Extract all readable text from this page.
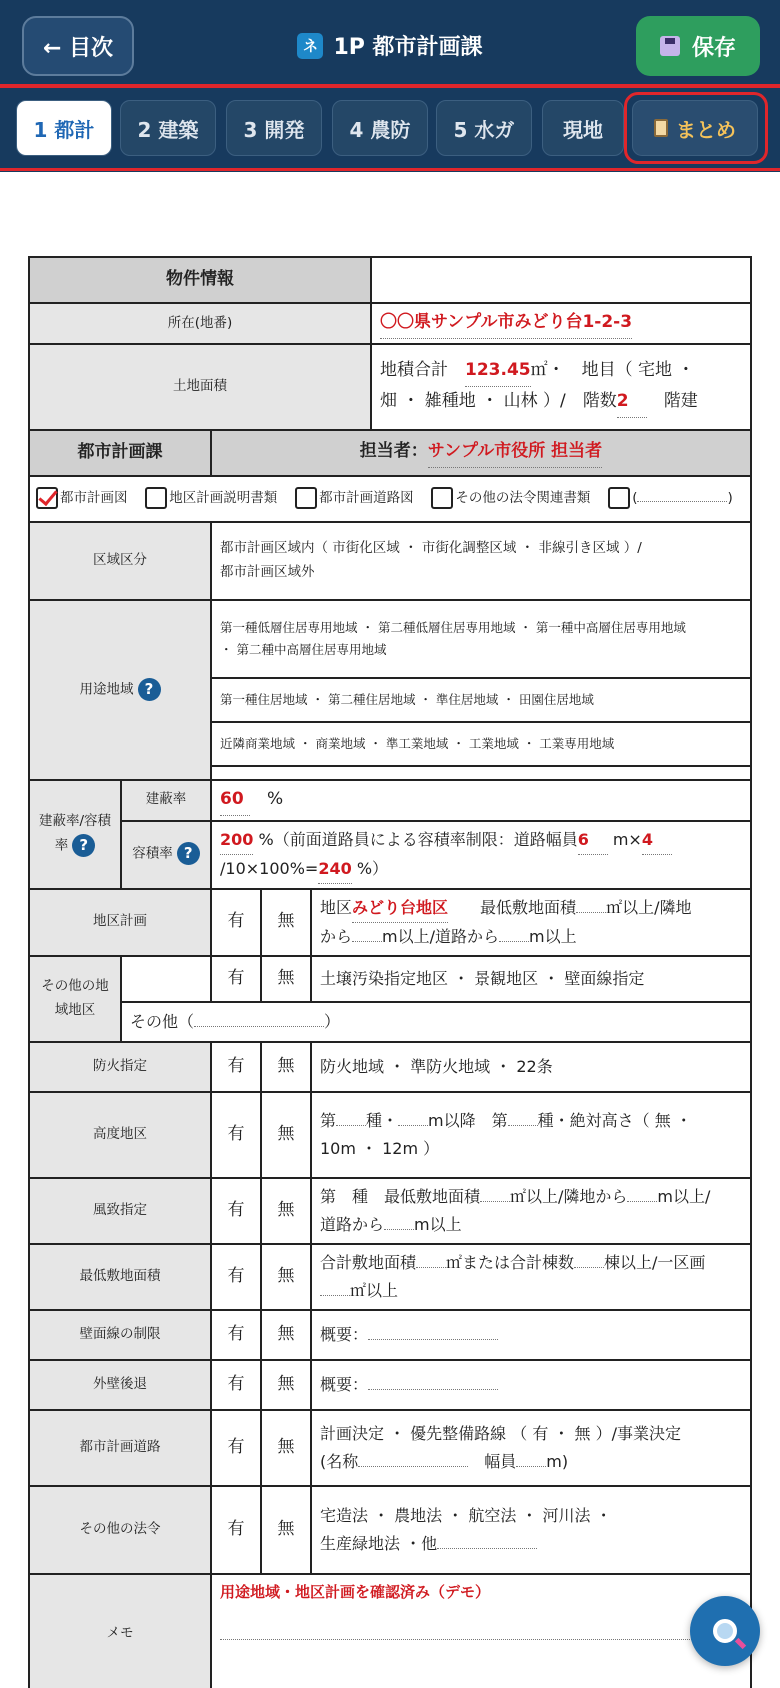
← 目次	ネ 1P 都市計画課	保存
1 都計	2 建築	3 開発	4 農防	5 水ガ	現地	まとめ
物件情報					
所在(地番)					〇〇県サンプル市みどり台1-2-3
土地面積					地積合計　 123.45㎡・　地目（ 宅地 ・
畑 ・ 雑種地 ・ 山林 ）/　階数2　 階建
都市計画課		担当者：サンプル市役所 担当者			
都市計画図　 地区計画説明書類　 都市計画道路図　 その他の法令関連書類　 ( )					
区域区分		都市計画区域内（ 市街化区域 ・ 市街化調整区域 ・ 非線引き区域 ）/
都市計画区域外			
用途地域 ?		第一種低層住居専用地域 ・ 第二種低層住居専用地域 ・ 第一種中高層住居専用地域
・ 第二種中高層住居専用地域			
		第一種住居地域 ・ 第二種住居地域 ・ 準住居地域 ・ 田園住居地域			
		近隣商業地域 ・ 商業地域 ・ 準工業地域 ・ 工業地域 ・ 工業専用地域			

建蔽率/容積率 ?	建蔽率	60　 %			
	容積率 ?	200 %（前面道路員による容積率制限：道路幅員6 m×4
/10×100%=240 %）			
地区計画		有	無	地区みどり台地区　　 最低敷地面積 ㎡以上/隣地
から m以上/道路から m以上	
その他の地域地区		有	無	土壌汚染指定地区 ・ 景観地区 ・ 壁面線指定	
	その他（ ）				
防火指定		有	無	防火地域 ・ 準防火地域 ・ 22条	
高度地区		有	無	第 種・ m以降　第 種・絶対高さ（ 無 ・
10m ・ 12m ）	
風致指定		有	無	第　種　最低敷地面積 ㎡以上/隣地から m以上/
道路から m以上	
最低敷地面積		有	無	合計敷地面積 ㎡または合計棟数 棟以上/一区画
㎡以上	
壁面線の制限		有	無	概要：	
外壁後退		有	無	概要：	
都市計画道路		有	無	計画決定 ・ 優先整備路線 （ 有 ・ 無 ）/事業決定
(名称　 幅員 m)	
その他の法令		有	無	宅造法 ・ 農地法 ・ 航空法 ・ 河川法 ・
生産緑地法 ・他	
メモ		用途地域・地区計画を確認済み（デモ）			
